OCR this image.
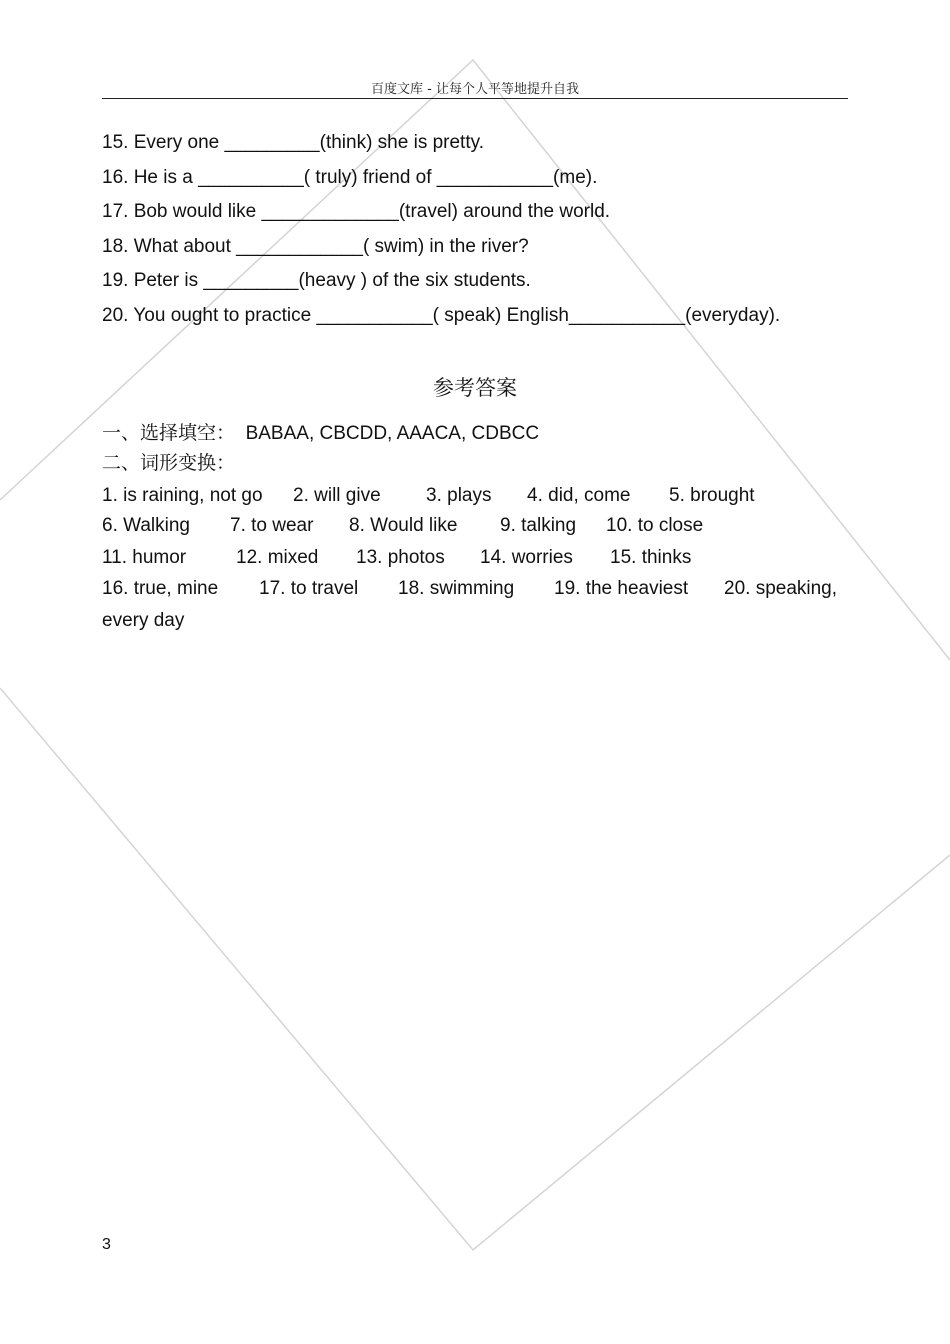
百度文库 - 让每个人平等地提升自我
15. Every one _________(think) she is pretty.
16. He is a __________( truly) friend of ___________(me).
17. Bob would like _____________(travel) around the world.
18. What about ____________( swim) in the river?
19. Peter is _________(heavy ) of the six students.
20. You ought to practice ___________( speak) English___________(everyday).
参考答案
一、选择填空： BABAA, CBCDD, AAACA, CDBCC
二、词形变换：
1. is raining, not go 2. will give 3. plays 4. did, come 5. brought
6. Walking 7. to wear 8. Would like 9. talking 10. to close
11. humor	12. mixed 13. photos 14. worries 15. thinks
16. true, mine 17. to travel 18. swimming 19. the heaviest 20. speaking,
every day
3
